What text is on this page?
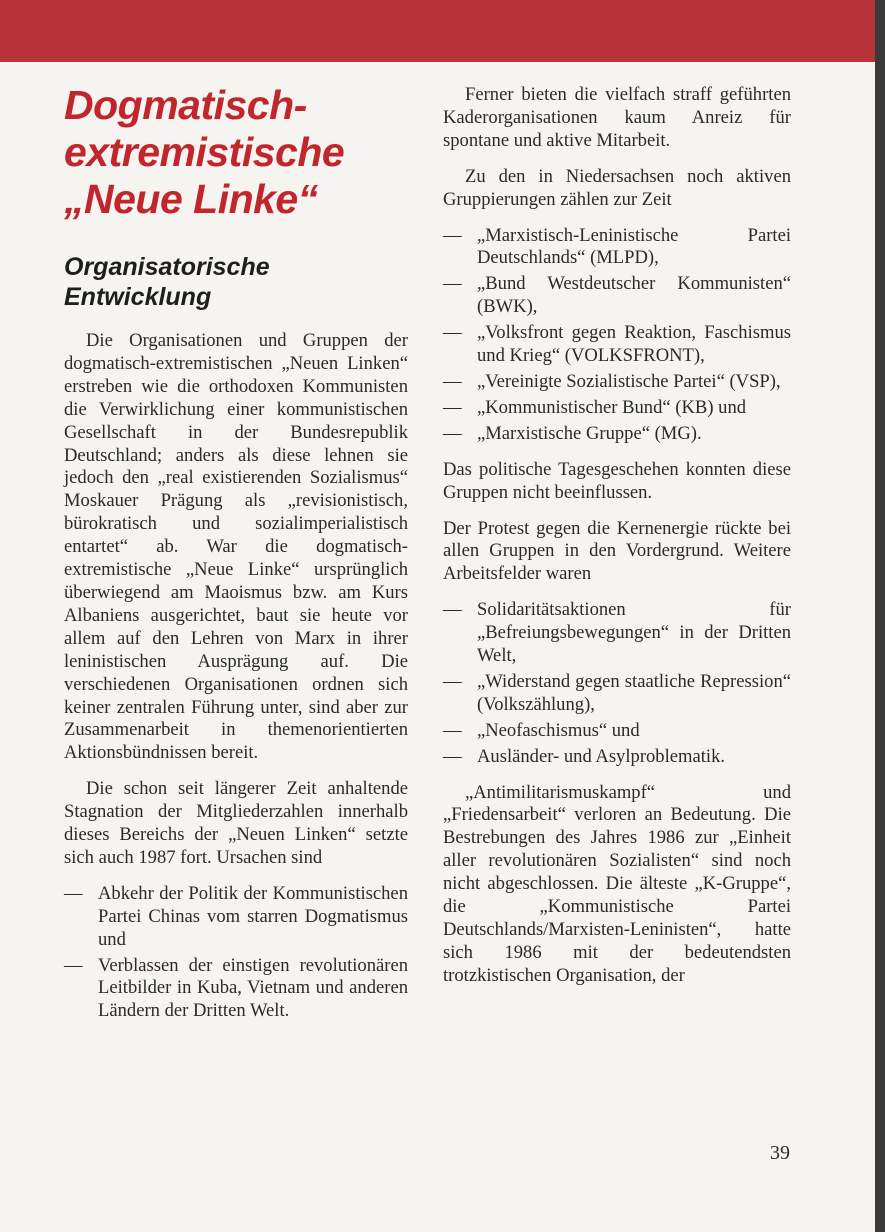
Dogmatisch-
extremistische
„Neue Linke“
Organisatorische
Entwicklung

Die Organisationen und Gruppen der dogmatisch-extremistischen „Neuen Linken“ erstreben wie die orthodoxen Kommunisten die Verwirklichung einer kommunistischen Gesellschaft in der Bundesrepublik Deutschland; anders als diese lehnen sie jedoch den „real existierenden Sozialismus“ Moskauer Prägung als „revisionistisch, bürokratisch und sozialimperialistisch entartet“ ab. War die dogmatisch-extremistische „Neue Linke“ ursprünglich überwiegend am Maoismus bzw. am Kurs Albaniens ausgerichtet, baut sie heute vor allem auf den Lehren von Marx in ihrer leninistischen Ausprägung auf. Die verschiedenen Organisationen ordnen sich keiner zentralen Führung unter, sind aber zur Zusammenarbeit in themenorientierten Aktionsbündnissen bereit.

Die schon seit längerer Zeit anhaltende Stagnation der Mitgliederzahlen innerhalb dieses Bereichs der „Neuen Linken“ setzte sich auch 1987 fort. Ursachen sind

— Abkehr der Politik der Kommunistischen Partei Chinas vom starren Dogmatismus und
— Verblassen der einstigen revolutionären Leitbilder in Kuba, Vietnam und anderen Ländern der Dritten Welt.

Ferner bieten die vielfach straff geführten Kaderorganisationen kaum Anreiz für spontane und aktive Mitarbeit.

Zu den in Niedersachsen noch aktiven Gruppierungen zählen zur Zeit

— „Marxistisch-Leninistische Partei Deutschlands“ (MLPD),
— „Bund Westdeutscher Kommunisten“ (BWK),
— „Volksfront gegen Reaktion, Faschismus und Krieg“ (VOLKSFRONT),
— „Vereinigte Sozialistische Partei“ (VSP),
— „Kommunistischer Bund“ (KB) und
— „Marxistische Gruppe“ (MG).

Das politische Tagesgeschehen konnten diese Gruppen nicht beeinflussen.

Der Protest gegen die Kernenergie rückte bei allen Gruppen in den Vordergrund. Weitere Arbeitsfelder waren

— Solidaritätsaktionen für „Befreiungsbewegungen“ in der Dritten Welt,
— „Widerstand gegen staatliche Repression“ (Volkszählung),
— „Neofaschismus“ und
— Ausländer- und Asylproblematik.

„Antimilitarismuskampf“ und „Friedensarbeit“ verloren an Bedeutung. Die Bestrebungen des Jahres 1986 zur „Einheit aller revolutionären Sozialisten“ sind noch nicht abgeschlossen. Die älteste „K-Gruppe“, die „Kommunistische Partei Deutschlands/Marxisten-Leninisten“, hatte sich 1986 mit der bedeutendsten trotzkistischen Organisation, der

39
